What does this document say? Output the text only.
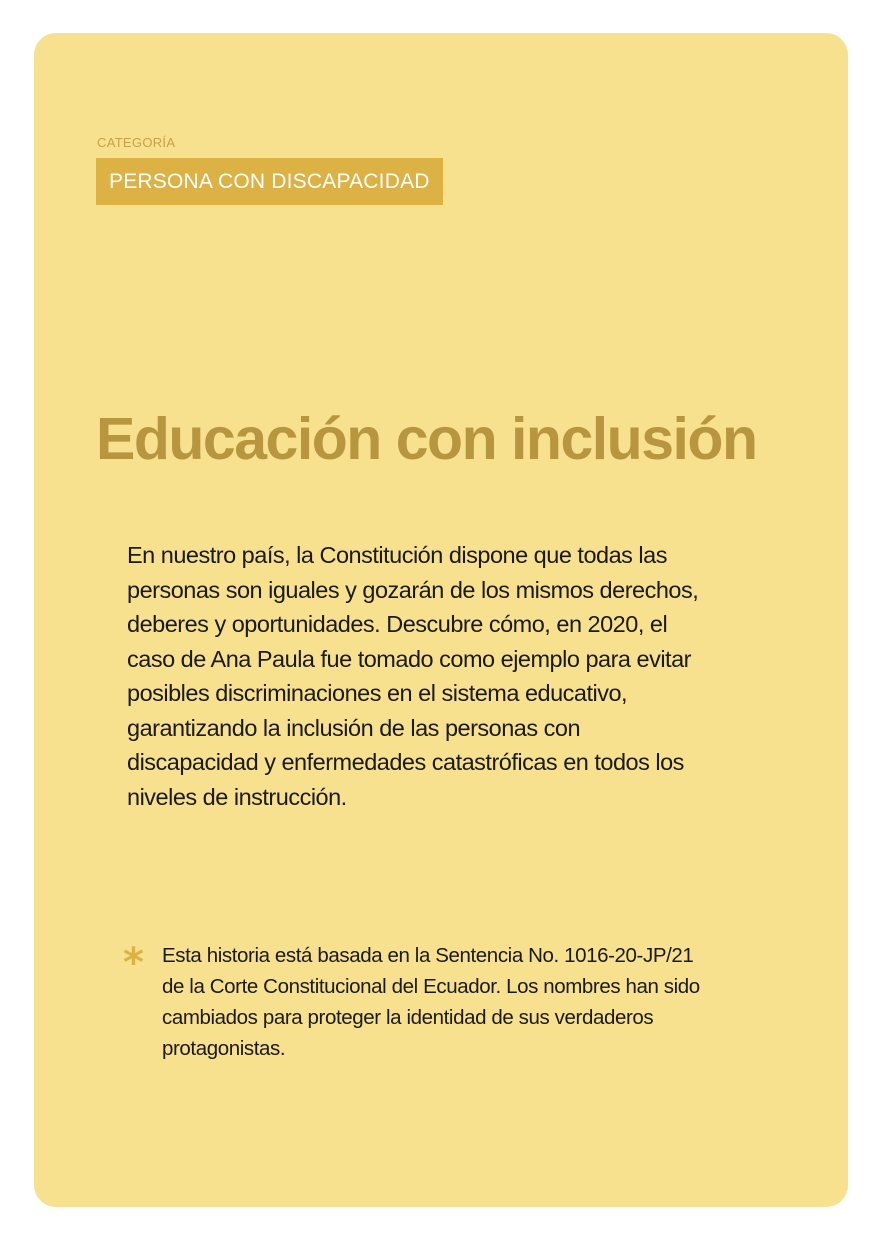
CATEGORÍA
PERSONA CON DISCAPACIDAD
Educación con inclusión

En nuestro país, la Constitución dispone que todas las personas son iguales y gozarán de los mismos derechos, deberes y oportunidades. Descubre cómo, en 2020, el caso de Ana Paula fue tomado como ejemplo para evitar posibles discriminaciones en el sistema educativo, garantizando la inclusión de las personas con discapacidad y enfermedades catastróficas en todos los niveles de instrucción.

* Esta historia está basada en la Sentencia No. 1016-20-JP/21 de la Corte Constitucional del Ecuador. Los nombres han sido cambiados para proteger la identidad de sus verdaderos protagonistas.
